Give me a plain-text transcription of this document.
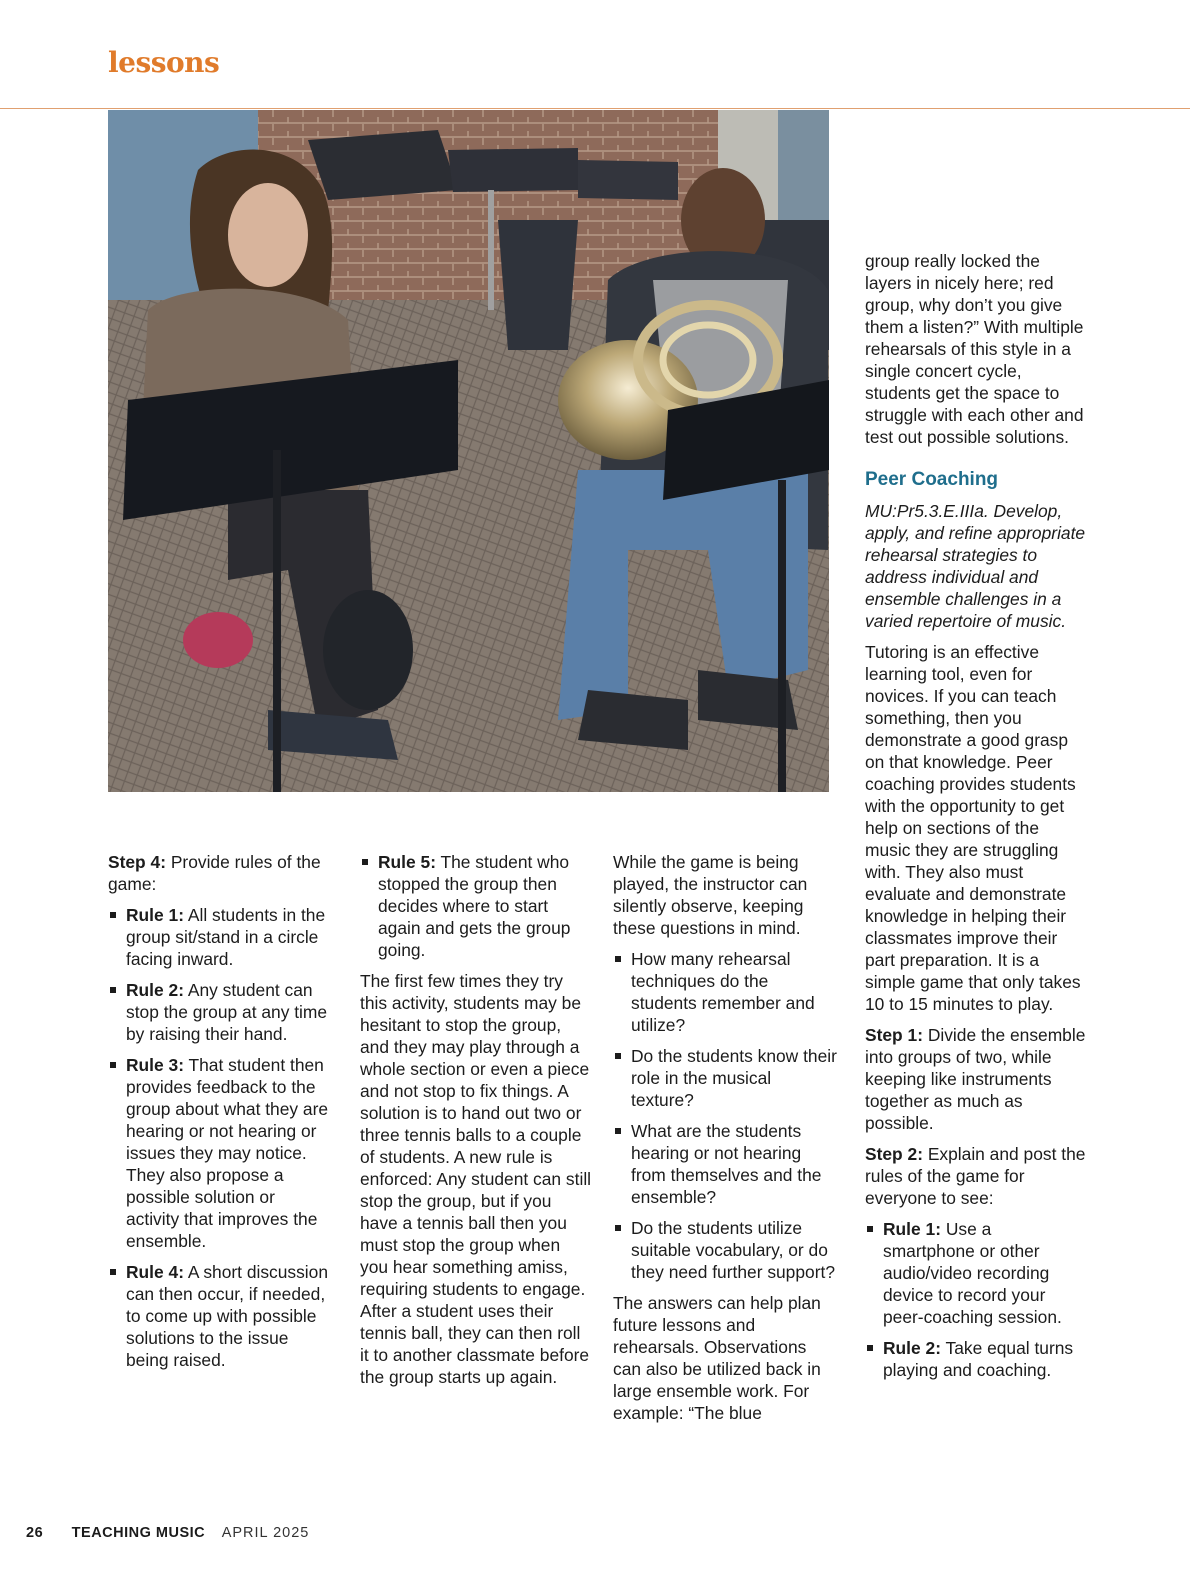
lessons

Step 4: Provide rules of the game:

Rule 1: All students in the group sit/stand in a circle facing inward.
Rule 2: Any student can stop the group at any time by raising their hand.
Rule 3: That student then provides feedback to the group about what they are hearing or not hearing or issues they may notice. They also propose a possible solution or activity that improves the ensemble.
Rule 4: A short discussion can then occur, if needed, to come up with possible solutions to the issue being raised.
Rule 5: The student who stopped the group then decides where to start again and gets the group going.

The first few times they try this activity, students may be hesitant to stop the group, and they may play through a whole section or even a piece and not stop to fix things. A solution is to hand out two or three tennis balls to a couple of students. A new rule is enforced: Any student can still stop the group, but if you have a tennis ball then you must stop the group when you hear something amiss, requiring students to engage. After a student uses their tennis ball, they can then roll it to another classmate before the group starts up again.

While the game is being played, the instructor can silently observe, keeping these questions in mind.

How many rehearsal techniques do the students remember and utilize?
Do the students know their role in the musical texture?
What are the students hearing or not hearing from themselves and the ensemble?
Do the students utilize suitable vocabulary, or do they need further support?

The answers can help plan future lessons and rehearsals. Observations can also be utilized back in large ensemble work. For example: “The blue

group really locked the layers in nicely here; red group, why don’t you give them a listen?” With multiple rehearsals of this style in a single concert cycle, students get the space to struggle with each other and test out possible solutions.

Peer Coaching

MU:Pr5.3.E.IIIa. Develop, apply, and refine appropriate rehearsal strategies to address individual and ensemble challenges in a varied repertoire of music.

Tutoring is an effective learning tool, even for novices. If you can teach something, then you demonstrate a good grasp on that knowledge. Peer coaching provides students with the opportunity to get help on sections of the music they are struggling with. They also must evaluate and demonstrate knowledge in helping their classmates improve their part preparation. It is a simple game that only takes 10 to 15 minutes to play.

Step 1: Divide the ensemble into groups of two, while keeping like instruments together as much as possible.

Step 2: Explain and post the rules of the game for everyone to see:

Rule 1: Use a smartphone or other audio/video recording device to record your peer-coaching session.
Rule 2: Take equal turns playing and coaching.
26 TEACHING MUSIC APRIL 2025
